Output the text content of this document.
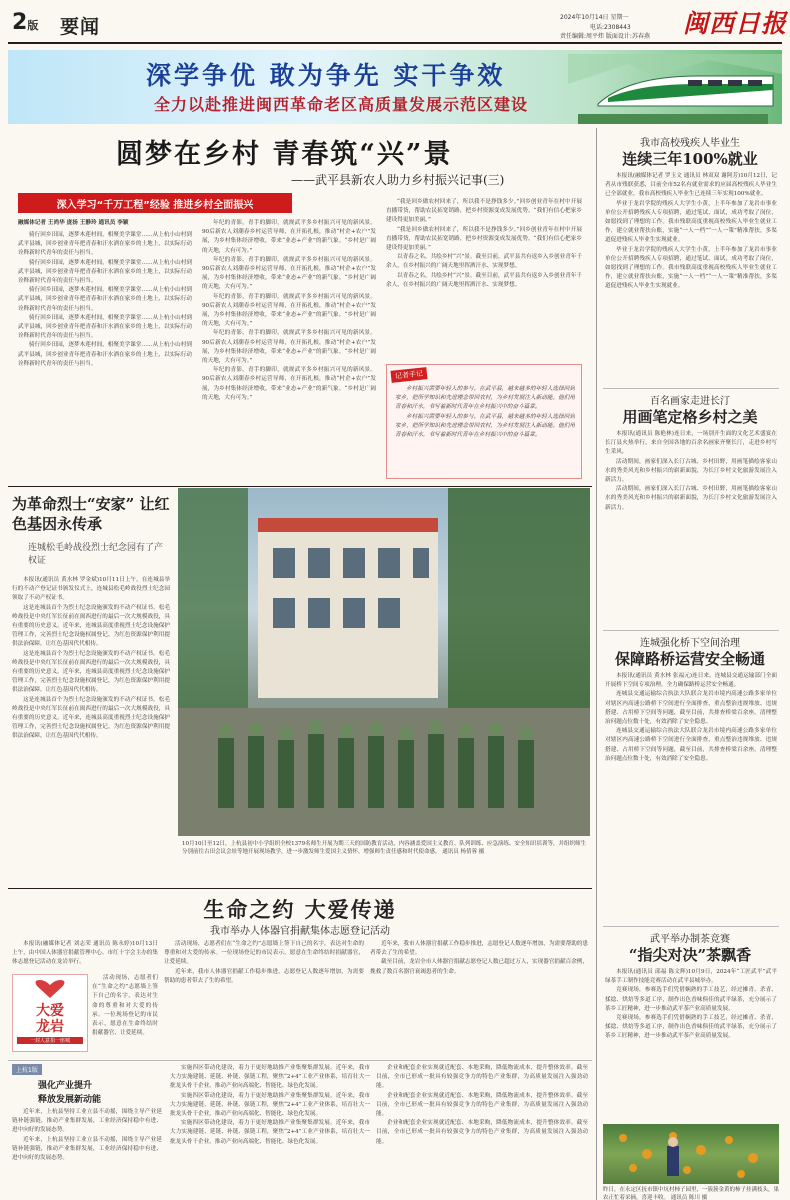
2版 要闻	2024年10月14日 星期一
电话:2308443
责任编辑:周平炜 版面设计:苏春燕 闽西日报
深学争优 敢为争先 实干争效
全力以赴推进闽西革命老区高质量发展示范区建设
圆梦在乡村 青春筑“兴”景
——武平县新农人助力乡村振兴记事(三)
深入学习“千万工程”经验 推进乡村全面振兴
融媒体记者 王尚华 庞扬 王静玲 通讯员 李颖

骑行回乡田园，逐梦木莲村间，相聚美学课堂……从上杭小山村到武平县城，回乡创业青年把青春和汗水洒在家乡的土地上，以实际行动诠释新时代青年的责任与担当。

骑行回乡田园，逐梦木莲村间，相聚美学课堂……从上杭小山村到武平县城，回乡创业青年把青春和汗水洒在家乡的土地上，以实际行动诠释新时代青年的责任与担当。

骑行回乡田园，逐梦木莲村间，相聚美学课堂……从上杭小山村到武平县城，回乡创业青年把青春和汗水洒在家乡的土地上，以实际行动诠释新时代青年的责任与担当。

骑行回乡田园，逐梦木莲村间，相聚美学课堂……从上杭小山村到武平县城，回乡创业青年把青春和汗水洒在家乡的土地上，以实际行动诠释新时代青年的责任与担当。

骑行回乡田园，逐梦木莲村间，相聚美学课堂……从上杭小山村到武平县城，回乡创业青年把青春和汗水洒在家乡的土地上，以实际行动诠释新时代青年的责任与担当。

年纪的青影，青手的脚印，就规武平多乡村振兴可见的新风景。90后新农人刘潮春乡村运营导师，在开拓扎根，推动“村企+农户”发展，为乡村集体经济增收，带来“业态+产业”的新气象。“乡村是广阔的天地，大有可为。”

年纪的青影，青手的脚印，就规武平多乡村振兴可见的新风景。90后新农人刘潮春乡村运营导师，在开拓扎根，推动“村企+农户”发展，为乡村集体经济增收，带来“业态+产业”的新气象。“乡村是广阔的天地，大有可为。”

年纪的青影，青手的脚印，就规武平多乡村振兴可见的新风景。90后新农人刘潮春乡村运营导师，在开拓扎根，推动“村企+农户”发展，为乡村集体经济增收，带来“业态+产业”的新气象。“乡村是广阔的天地，大有可为。”

年纪的青影，青手的脚印，就规武平多乡村振兴可见的新风景。90后新农人刘潮春乡村运营导师，在开拓扎根，推动“村企+农户”发展，为乡村集体经济增收，带来“业态+产业”的新气象。“乡村是广阔的天地，大有可为。”

年纪的青影，青手的脚印，就规武平多乡村振兴可见的新风景。90后新农人刘潮春乡村运营导师，在开拓扎根，推动“村企+农户”发展，为乡村集体经济增收，带来“业态+产业”的新气象。“乡村是广阔的天地，大有可为。”

“我是回乡做农村回来了，所以我不是挣钱多少。”回乡创业青年在村中开展直播带货，帮助农民拓宽销路，把乡村资源变成发展优势。“我们有信心把家乡建设得更加美丽。”

“我是回乡做农村回来了，所以我不是挣钱多少。”回乡创业青年在村中开展直播带货，帮助农民拓宽销路，把乡村资源变成发展优势。“我们有信心把家乡建设得更加美丽。”

以青春之名，共绘乡村“兴”景。截至目前，武平县共有返乡入乡创业青年千余人，在乡村振兴的广阔天地里挥洒汗水、实现梦想。

以青春之名，共绘乡村“兴”景。截至目前，武平县共有返乡入乡创业青年千余人，在乡村振兴的广阔天地里挥洒汗水、实现梦想。

记者手记

乡村振兴需要年轻人的参与。在武平县，越来越多的年轻人选择回到家乡，把所学知识和先进理念带回农村，为乡村发展注入新动能。他们用青春和汗水，书写着新时代青年在乡村振兴中的奋斗篇章。

乡村振兴需要年轻人的参与。在武平县，越来越多的年轻人选择回到家乡，把所学知识和先进理念带回农村，为乡村发展注入新动能。他们用青春和汗水，书写着新时代青年在乡村振兴中的奋斗篇章。

我市高校残疾人毕业生
连续三年100%就业

本报讯(融媒体记者 罗玉文 通讯员 林双双 谢阿芳)10月12日，记者从市残联获悉，目前全市52名有就业需求的应届高校残疾人毕业生已全部就业，我市高校残疾人毕业生已连续三年实现100%就业。

毕业于龙岩学院的残疾人大学生小黄，上半年参加了龙岩市事业单位公开招聘残疾人专项招聘，通过笔试、面试，成功考取了岗位，如愿找到了理想的工作。我市残联高度重视高校残疾人毕业生就业工作，建立就业帮扶台账，实施“一人一档”“一人一策”精准帮扶，多渠道促进残疾人毕业生实现就业。

毕业于龙岩学院的残疾人大学生小黄，上半年参加了龙岩市事业单位公开招聘残疾人专项招聘，通过笔试、面试，成功考取了岗位，如愿找到了理想的工作。我市残联高度重视高校残疾人毕业生就业工作，建立就业帮扶台账，实施“一人一档”“一人一策”精准帮扶，多渠道促进残疾人毕业生实现就业。

百名画家走进长汀
用画笔定格乡村之美

本报讯(通讯员 陈艳林)连日来，一场别开生面的文化艺术盛宴在长汀县火热举行，来自全国各地的百余名画家齐聚长汀，走进乡村写生采风。

活动期间，画家们深入长汀古城、乡村田野，用画笔描绘客家山水的秀美风光和乡村振兴的崭新面貌，为长汀乡村文化旅游发展注入新活力。

活动期间，画家们深入长汀古城、乡村田野，用画笔描绘客家山水的秀美风光和乡村振兴的崭新面貌，为长汀乡村文化旅游发展注入新活力。

连城强化桥下空间治理
保障路桥运营安全畅通

本报讯(通讯员 黄水林 张福元)连日来，连城县交通运输部门全面开展桥下空间专项治理，全力确保路桥运营安全畅通。

连城县交通运输综合执法大队联合龙岩市境内高速公路多家单位对辖区内高速公路桥下空间进行全面排查，重点整治违规堆放、违规搭建、占用桥下空间等问题，截至目前，共排查桥梁百余座，清理整治问题点位数十处，有效消除了安全隐患。

连城县交通运输综合执法大队联合龙岩市境内高速公路多家单位对辖区内高速公路桥下空间进行全面排查，重点整治违规堆放、违规搭建、占用桥下空间等问题，截至目前，共排查桥梁百余座，清理整治问题点位数十处，有效消除了安全隐患。

武平举办制茶竞赛
“指尖对决”茶飘香

本报讯(通讯员 邱福 陈文辉)10月9日，2024年“工匠武平”武平绿茶手工制作技能竞赛活动在武平县城举办。

竞赛现场，参赛选手们凭借娴熟的手工技艺，经过摊青、杀青、揉捻、烘焙等多道工序，制作出色香味俱佳的武平绿茶，充分展示了茶乡工匠精神，进一步推动武平茶产业高质量发展。

竞赛现场，参赛选手们凭借娴熟的手工技艺，经过摊青、杀青、揉捻、烘焙等多道工序，制作出色香味俱佳的武平绿茶，充分展示了茶乡工匠精神，进一步推动武平茶产业高质量发展。

昨日，在永定区抚市镇中坑村柿子园里，一簇簇金黄的柿子挂满枝头，果农正忙着采摘，喜迎丰收。 通讯员 陈川 摄
为革命烈士“安家” 让红色基因永传承
连城松毛岭战役烈士纪念园有了产权证

本报讯(通讯员 黄水林 罗金斌)10月11日上午，在连城县举行的不动产登记证书颁发仪式上，连城县松毛岭战役烈士纪念园领取了不动产权证书。

这是连城县首个为烈士纪念设施颁发的不动产权证书。松毛岭战役是中央红军长征前在闽西进行的最后一次大规模战役，具有重要的历史意义。近年来，连城县高度重视烈士纪念设施保护管理工作，完善烈士纪念设施权属登记，为红色资源保护利用提供法治保障，让红色基因代代相传。

这是连城县首个为烈士纪念设施颁发的不动产权证书。松毛岭战役是中央红军长征前在闽西进行的最后一次大规模战役，具有重要的历史意义。近年来，连城县高度重视烈士纪念设施保护管理工作，完善烈士纪念设施权属登记，为红色资源保护利用提供法治保障，让红色基因代代相传。

这是连城县首个为烈士纪念设施颁发的不动产权证书。松毛岭战役是中央红军长征前在闽西进行的最后一次大规模战役，具有重要的历史意义。近年来，连城县高度重视烈士纪念设施保护管理工作，完善烈士纪念设施权属登记，为红色资源保护利用提供法治保障，让红色基因代代相传。

10月10日至12日，上杭县初中小学组织全校1379名师生开展为期三天的国防教育活动，内容涵盖爱国主义教育、队列训练、应急演练、安全知识培训等，并组织师生分别前往古田会议会址等地开展现场教学，进一步激发师生爱国主义情怀，增强师生责任感和时代使命感。 通讯员 杨倩蓉 摄
生命之约 大爱传递
我市举办人体器官捐献集体志愿登记活动

本报讯(融媒体记者 刘志荣 通讯员 陈永婷)10月13日上午，由中国人体器官捐献管理中心、市红十字会主办的集体志愿登记活动在龙岩举行。

大爱
龙岩
一封人意捐一座城

活动现场，志愿者们在“生命之约”志愿墙上签下自己的名字，表达对生命的尊重和对大爱的传承。一位现场登记的市民表示，愿意在生命终结时捐献器官，让爱延续。

活动现场，志愿者们在“生命之约”志愿墙上签下自己的名字，表达对生命的尊重和对大爱的传承。一位现场登记的市民表示，愿意在生命终结时捐献器官，让爱延续。

近年来，我市人体器官捐献工作稳步推进，志愿登记人数逐年增加，为需要帮助的患者带去了生的希望。

近年来，我市人体器官捐献工作稳步推进，志愿登记人数逐年增加，为需要帮助的患者带去了生的希望。

截至目前，龙岩全市人体器官捐献志愿登记人数已超过万人，实现器官捐献百余例，挽救了数百名器官衰竭患者的生命。

上杭1版
强化产业提升
释放发展新动能

近年来，上杭县坚持工业立县不动摇，围绕主导产业延链补链强链，推动产业集群发展，工业经济保持稳中有进、进中向好的发展态势。

近年来，上杭县坚持工业立县不动摇，围绕主导产业延链补链强链，推动产业集群发展，工业经济保持稳中有进、进中向好的发展态势。

实施四区带动化建设，着力于更好地助推产业集聚集群发展。近年来，我市大力实施建链、延链、补链、强链工程，聚焦“2+4”工业产业体系，培育壮大一批龙头骨干企业，推动产业向高端化、智能化、绿色化发展。

实施四区带动化建设，着力于更好地助推产业集聚集群发展。近年来，我市大力实施建链、延链、补链、强链工程，聚焦“2+4”工业产业体系，培育壮大一批龙头骨干企业，推动产业向高端化、智能化、绿色化发展。

实施四区带动化建设，着力于更好地助推产业集聚集群发展。近年来，我市大力实施建链、延链、补链、强链工程，聚焦“2+4”工业产业体系，培育壮大一批龙头骨干企业，推动产业向高端化、智能化、绿色化发展。

企业和配套企业实现就近配套、本地采购，降低物流成本，提升整体效率。截至目前，全市已形成一批具有较强竞争力的特色产业集群，为高质量发展注入强劲动能。

企业和配套企业实现就近配套、本地采购，降低物流成本，提升整体效率。截至目前，全市已形成一批具有较强竞争力的特色产业集群，为高质量发展注入强劲动能。

企业和配套企业实现就近配套、本地采购，降低物流成本，提升整体效率。截至目前，全市已形成一批具有较强竞争力的特色产业集群，为高质量发展注入强劲动能。
